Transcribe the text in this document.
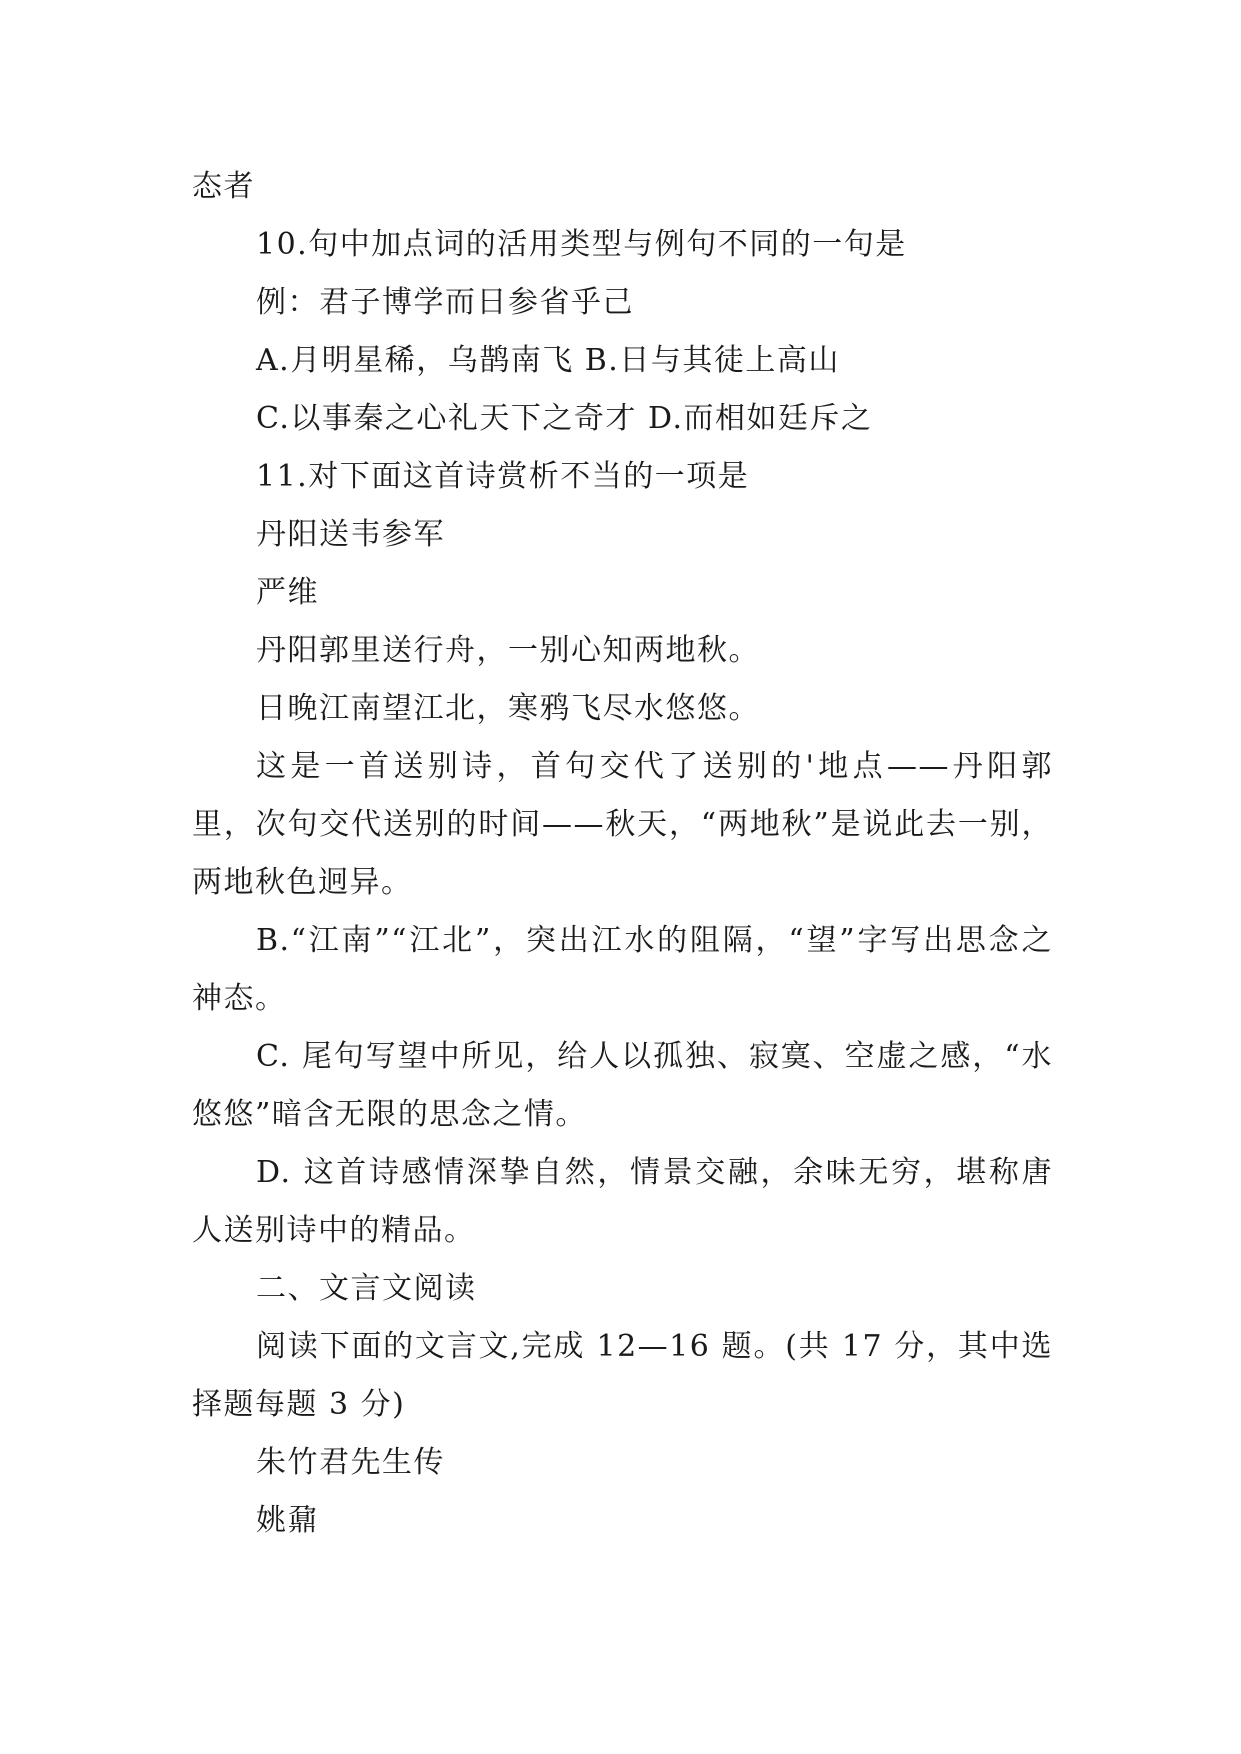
态者

10.句中加点词的活用类型与例句不同的一句是

例：君子博学而日参省乎己

A.月明星稀，乌鹊南飞 B.日与其徒上高山

C.以事秦之心礼天下之奇才 D.而相如廷斥之

11.对下面这首诗赏析不当的一项是

丹阳送韦参军

严维

丹阳郭里送行舟，一别心知两地秋。

日晚江南望江北，寒鸦飞尽水悠悠。

这是一首送别诗，首句交代了送别的'地点——丹阳郭里，次句交代送别的时间——秋天，“两地秋”是说此去一别，两地秋色迥异。

B.“江南”“江北”，突出江水的阻隔，“望”字写出思念之神态。

C. 尾句写望中所见，给人以孤独、寂寞、空虚之感，“水悠悠”暗含无限的思念之情。

D. 这首诗感情深挚自然，情景交融，余味无穷，堪称唐人送别诗中的精品。

二、文言文阅读

阅读下面的文言文,完成 12—16 题。(共 17 分，其中选择题每题 3 分)

朱竹君先生传

姚鼐
